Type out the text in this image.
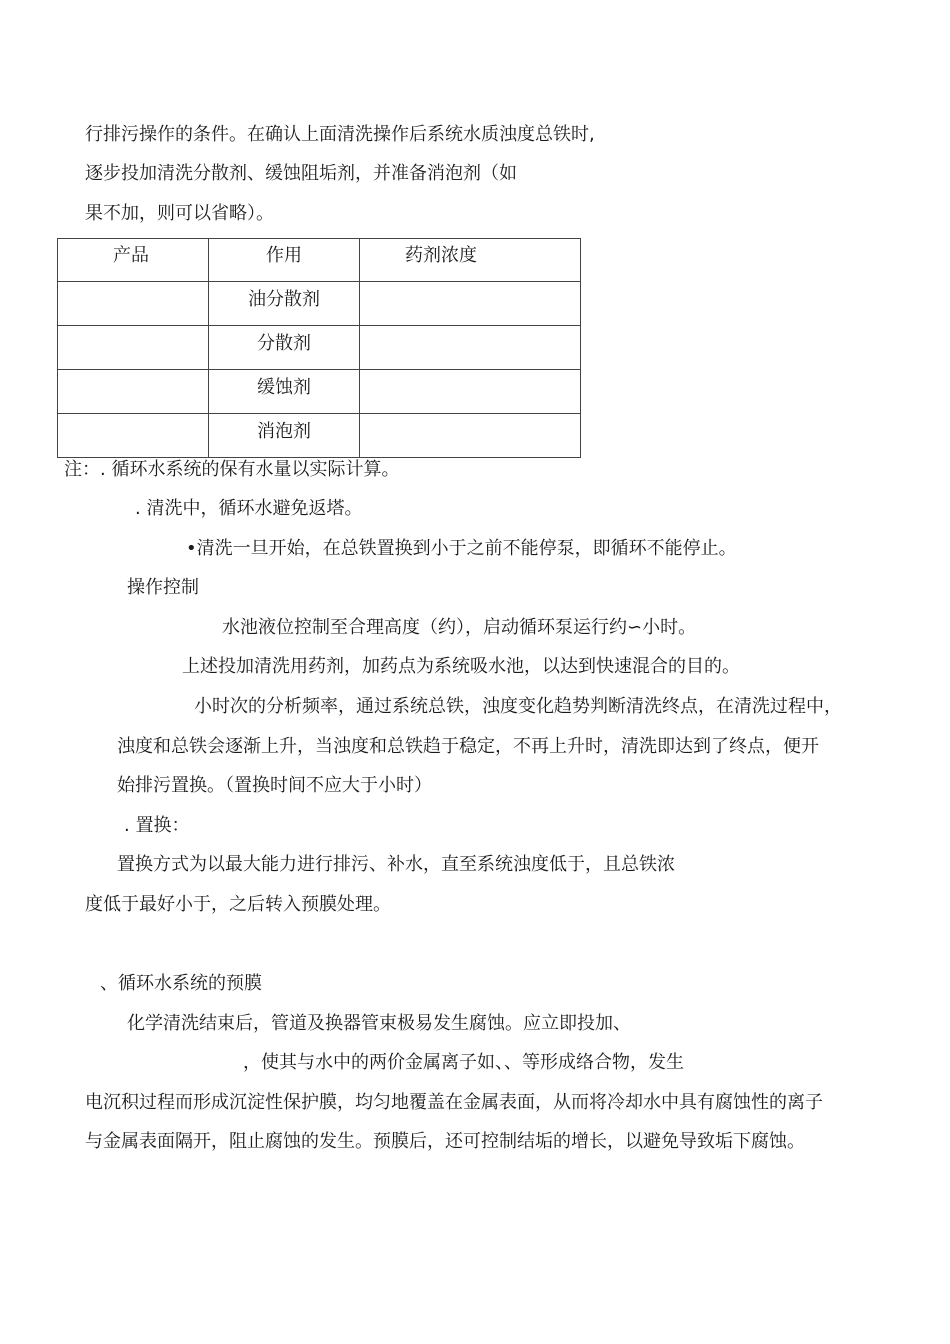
行排污操作的条件。在确认上面清洗操作后系统水质浊度总铁时,
逐步投加清洗分散剂、缓蚀阻垢剂，并准备消泡剂（如
果不加，则可以省略）。
产品	作用	药剂浓度
	油分散剂	
	分散剂	
	缓蚀剂	
	消泡剂	
注：. 循环水系统的保有水量以实际计算。
. 清洗中，循环水避免返塔。
•清洗一旦开始，在总铁置换到小于之前不能停泵，即循环不能停止。
操作控制
水池液位控制至合理高度（约），启动循环泵运行约∽小时。
上述投加清洗用药剂，加药点为系统吸水池，以达到快速混合的目的。
小时次的分析频率，通过系统总铁，浊度变化趋势判断清洗终点，在清洗过程中，
浊度和总铁会逐渐上升，当浊度和总铁趋于稳定，不再上升时，清洗即达到了终点，便开
始排污置换。（置换时间不应大于小时）
. 置换：
置换方式为以最大能力进行排污、补水，直至系统浊度低于，且总铁浓
度低于最好小于，之后转入预膜处理。
、循环水系统的预膜
化学清洗结束后，管道及换器管束极易发生腐蚀。应立即投加、
，使其与水中的两价金属离子如、、等形成络合物，发生
电沉积过程而形成沉淀性保护膜，均匀地覆盖在金属表面，从而将冷却水中具有腐蚀性的离子
与金属表面隔开，阻止腐蚀的发生。预膜后，还可控制结垢的增长，以避免导致垢下腐蚀。
